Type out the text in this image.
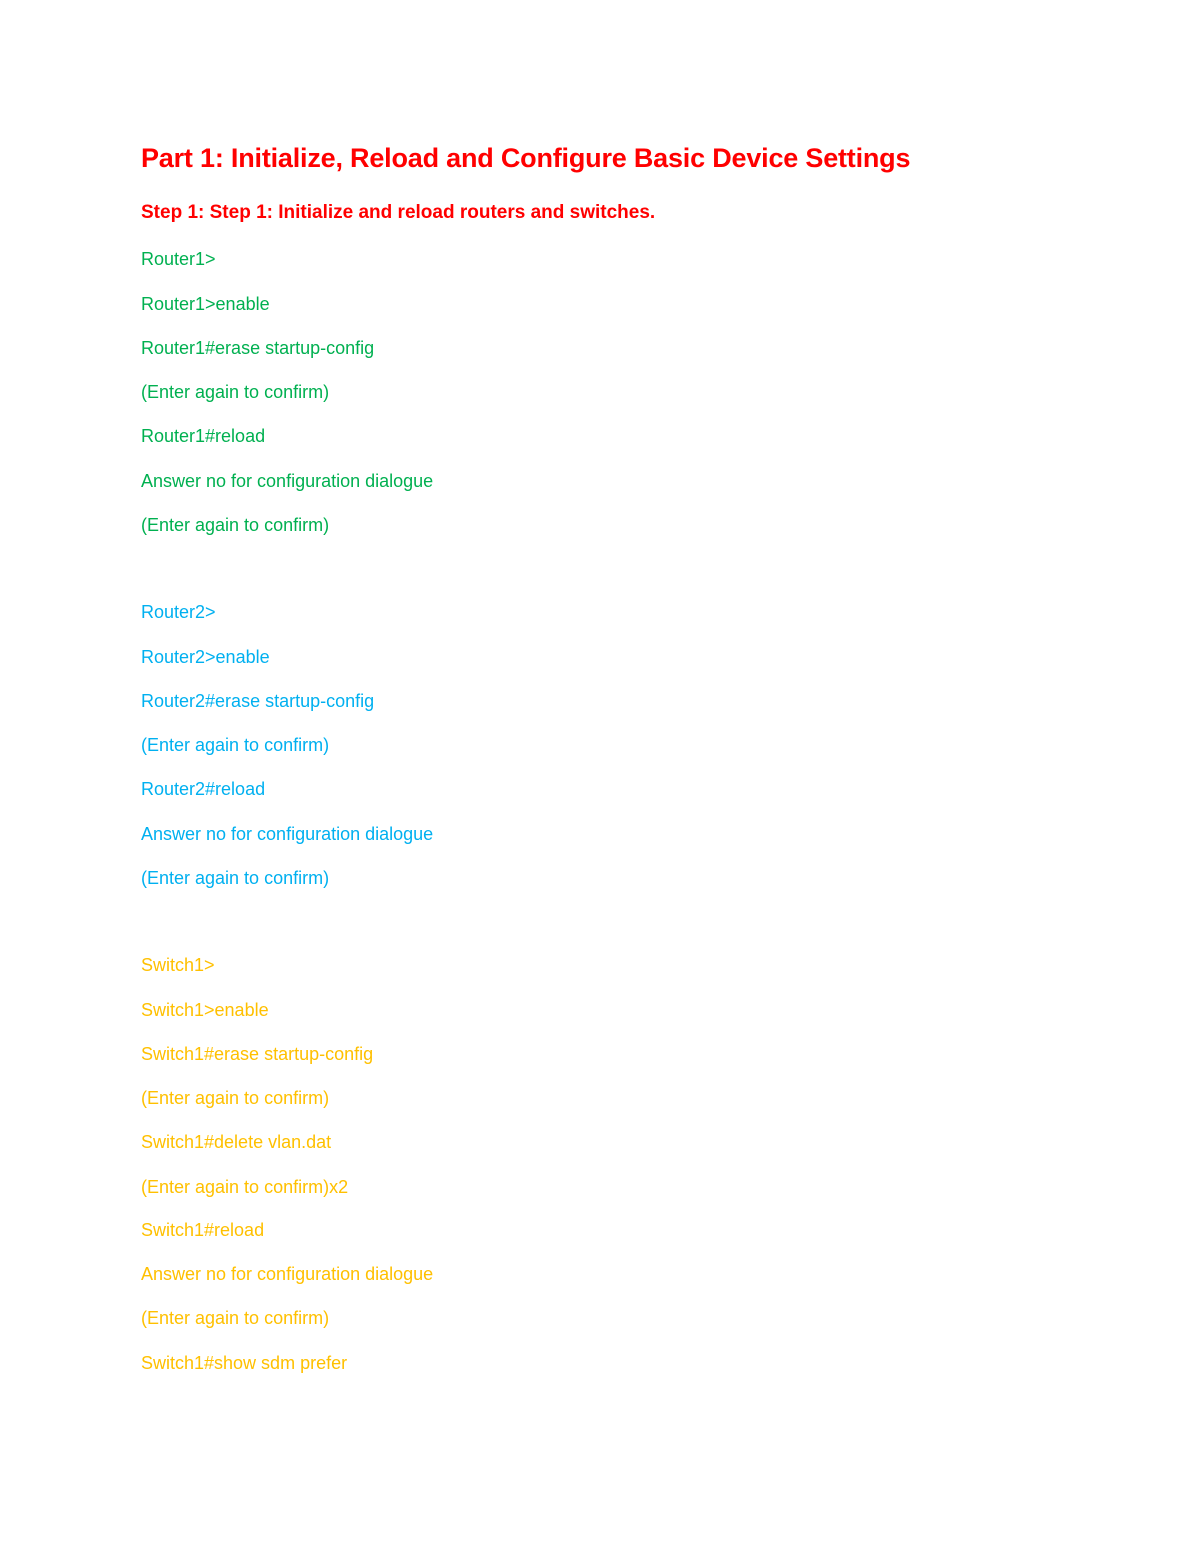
Part 1: Initialize, Reload and Configure Basic Device Settings
Step 1: Step 1: Initialize and reload routers and switches.
Router1>
Router1>enable
Router1#erase startup-config
(Enter again to confirm)
Router1#reload
Answer no for configuration dialogue
(Enter again to confirm)
Router2>
Router2>enable
Router2#erase startup-config
(Enter again to confirm)
Router2#reload
Answer no for configuration dialogue
(Enter again to confirm)
Switch1>
Switch1>enable
Switch1#erase startup-config
(Enter again to confirm)
Switch1#delete vlan.dat
(Enter again to confirm)x2
Switch1#reload
Answer no for configuration dialogue
(Enter again to confirm)
Switch1#show sdm prefer
